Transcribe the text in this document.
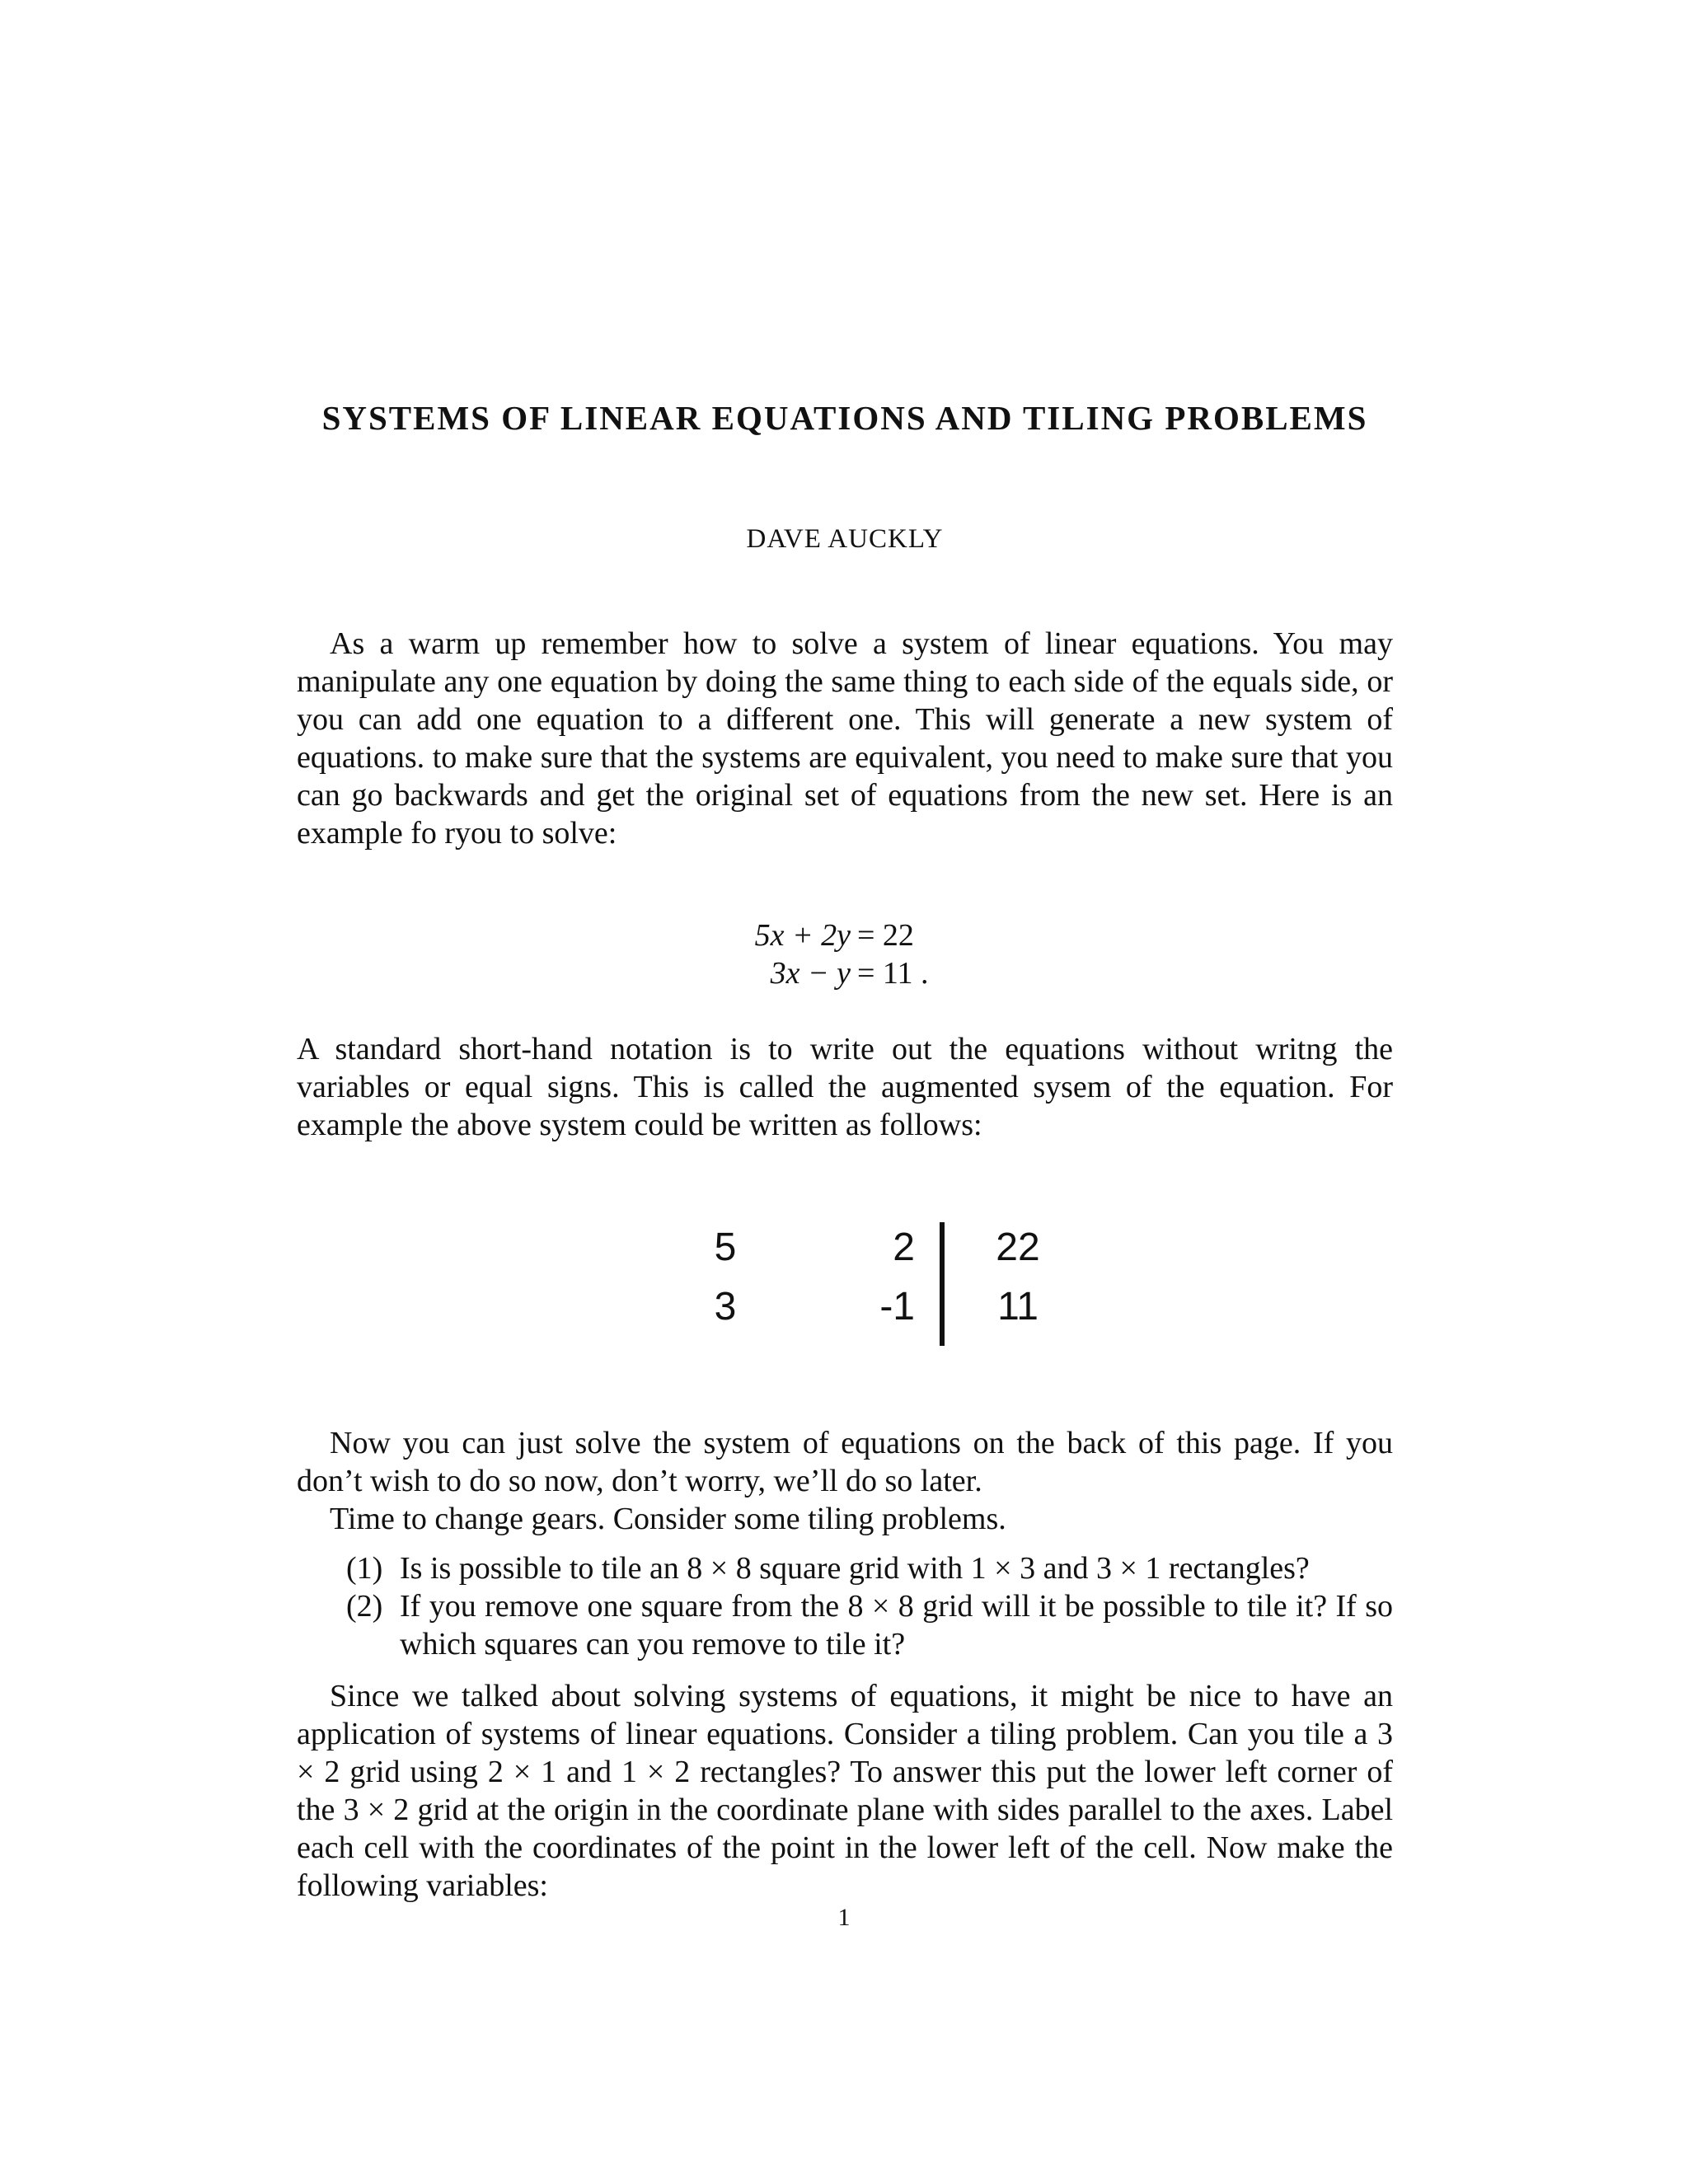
SYSTEMS OF LINEAR EQUATIONS AND TILING PROBLEMS
DAVE AUCKLY
As a warm up remember how to solve a system of linear equations. You may manipulate any one equation by doing the same thing to each side of the equals side, or you can add one equation to a different one. This will generate a new system of equations. to make sure that the systems are equivalent, you need to make sure that you can go backwards and get the original set of equations from the new set. Here is an example fo ryou to solve:
5x + 2y = 22
3x − y = 11 .
A standard short-hand notation is to write out the equations without writng the variables or equal signs. This is called the augmented sysem of the equation. For example the above system could be written as follows:
5	2	22
3	-1	11
Now you can just solve the system of equations on the back of this page. If you don’t wish to do so now, don’t worry, we’ll do so later.
Time to change gears. Consider some tiling problems.
(1) Is is possible to tile an 8 × 8 square grid with 1 × 3 and 3 × 1 rectangles?
(2) If you remove one square from the 8 × 8 grid will it be possible to tile it? If so which squares can you remove to tile it?
Since we talked about solving systems of equations, it might be nice to have an application of systems of linear equations. Consider a tiling problem. Can you tile a 3 × 2 grid using 2 × 1 and 1 × 2 rectangles? To answer this put the lower left corner of the 3 × 2 grid at the origin in the coordinate plane with sides parallel to the axes. Label each cell with the coordinates of the point in the lower left of the cell. Now make the following variables:
1
